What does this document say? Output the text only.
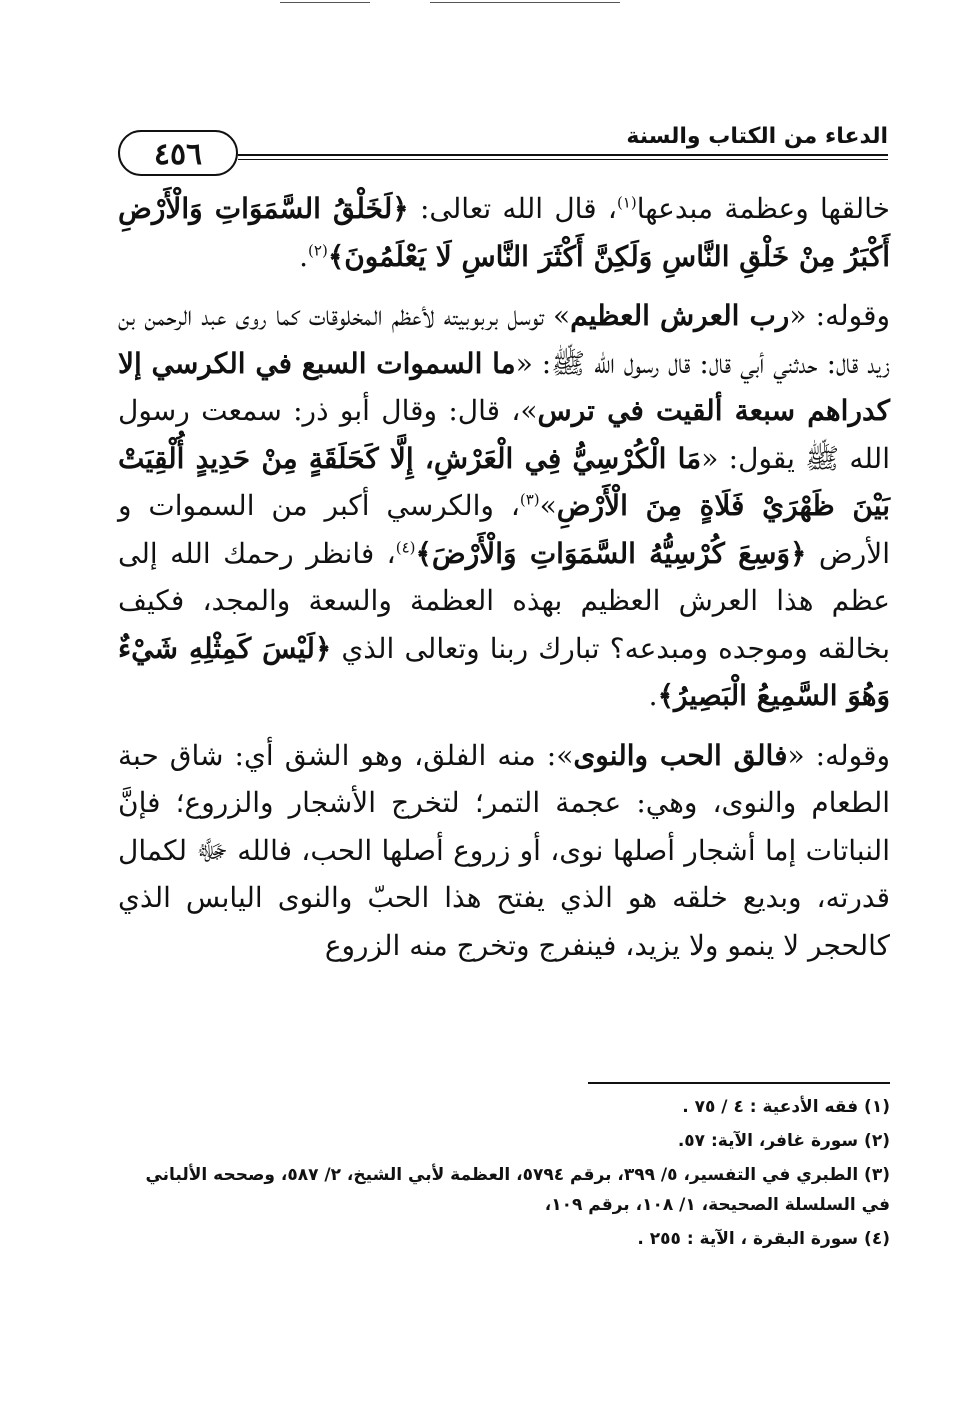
الدعاء من الكتاب والسنة
٤٥٦

خالقها وعظمة مبدعها$^{(١)}$، قال الله تعالى: ﴿لَخَلْقُ السَّمَوَاتِ وَالْأَرْضِ أَكْبَرُ مِنْ خَلْقِ النَّاسِ وَلَكِنَّ أَكْثَرَ النَّاسِ لَا يَعْلَمُونَ﴾$^{(٢)}$.

وقوله: «رب العرش العظيم» توسل بربوبيته لأعظم المخلوقات كما روى عبد الرحمن بن زيد قال: حدثني أبي قال: قال رسول الله ﷺ: «ما السموات السبع في الكرسي إلا كدراهم سبعة ألقيت في ترس»، قال: وقال أبو ذر: سمعت رسول الله ﷺ يقول: «مَا الْكُرْسِيُّ فِي الْعَرْشِ، إِلَّا كَحَلَقَةٍ مِنْ حَدِيدٍ أُلْقِيَتْ بَيْنَ ظَهْرَيْ فَلَاةٍ مِنَ الْأَرْضِ»$^{(٣)}$، والكرسي أكبر من السموات و الأرض ﴿وَسِعَ كُرْسِيُّهُ السَّمَوَاتِ وَالْأَرْضَ﴾$^{(٤)}$، فانظر رحمك الله إلى عظم هذا العرش العظيم بهذه العظمة والسعة والمجد، فكيف بخالقه وموجده ومبدعه؟ تبارك ربنا وتعالى الذي ﴿لَيْسَ كَمِثْلِهِ شَيْءٌ وَهُوَ السَّمِيعُ الْبَصِيرُ﴾.

وقوله: «فالق الحب والنوى»: منه الفلق، وهو الشق أي: شاق حبة الطعام والنوى، وهي: عجمة التمر؛ لتخرج الأشجار والزروع؛ فإنَّ النباتات إما أشجار أصلها نوى، أو زروع أصلها الحب، فالله ﷻ لكمال قدرته، وبديع خلقه هو الذي يفتح هذا الحبّ والنوى اليابس الذي كالحجر لا ينمو ولا يزيد، فينفرج وتخرج منه الزروع

(١) فقه الأدعية : ٤ / ٧٥ .

(٢) سورة غافر، الآية: ٥٧.

(٣) الطبري في التفسير، ٥/ ٣٩٩، برقم ٥٧٩٤، العظمة لأبي الشيخ، ٢/ ٥٨٧، وصححه الألباني في السلسلة الصحيحة، ١/ ١٠٨، برقم ١٠٩،

(٤) سورة البقرة ، الآية : ٢٥٥ .
